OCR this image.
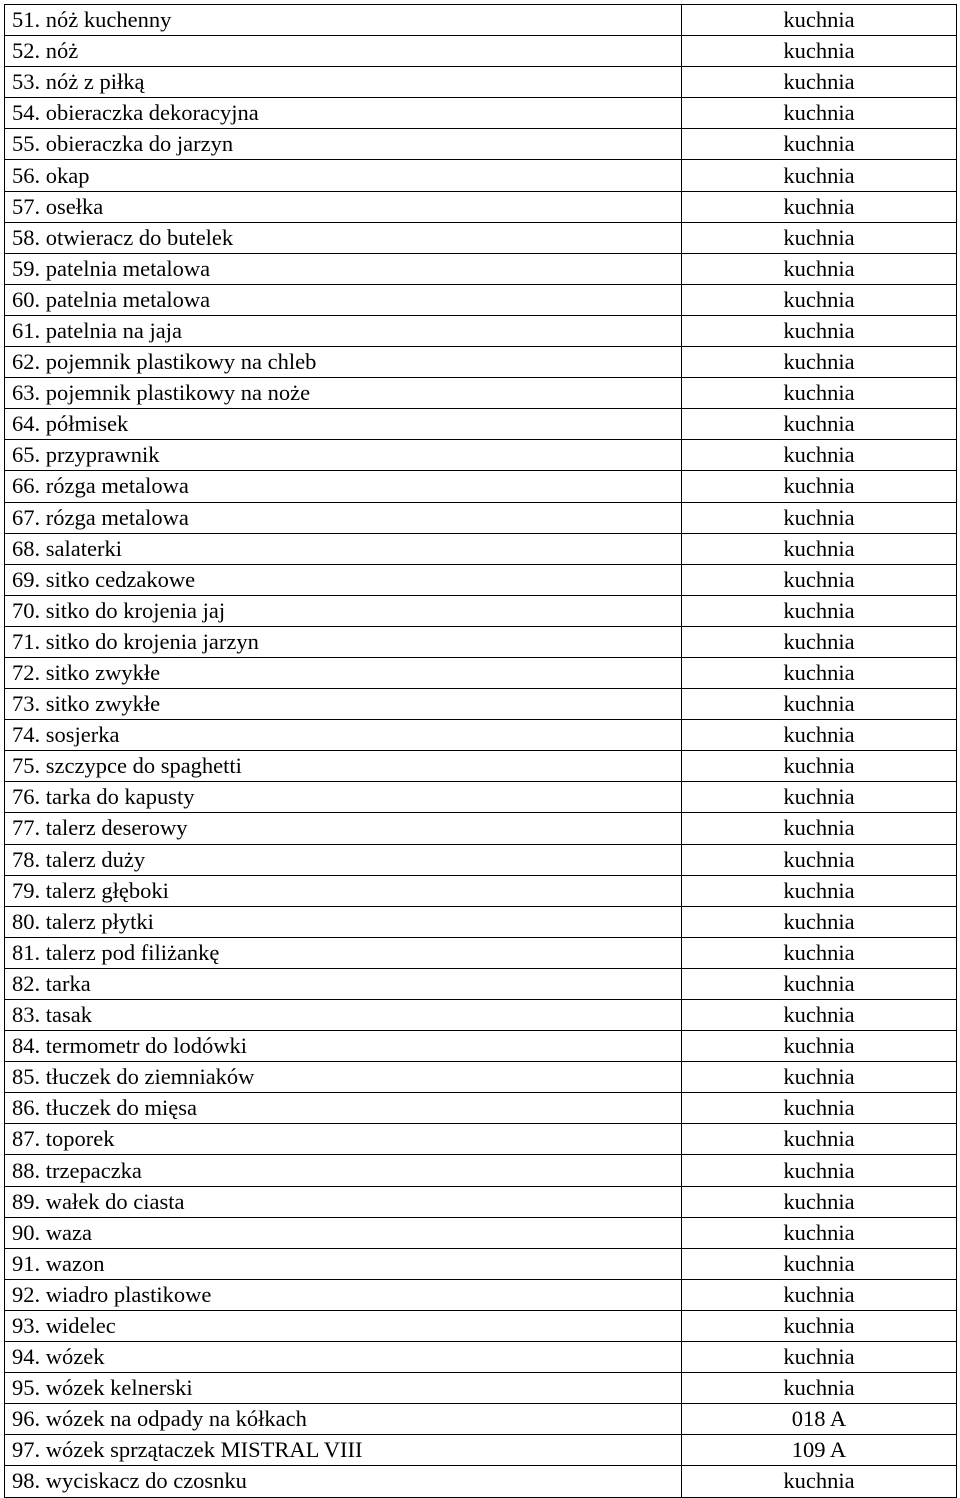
51. nóż kuchenny	kuchnia
52. nóż	kuchnia
53. nóż z piłką	kuchnia
54. obieraczka dekoracyjna	kuchnia
55. obieraczka do jarzyn	kuchnia
56. okap	kuchnia
57. osełka	kuchnia
58. otwieracz do butelek	kuchnia
59. patelnia metalowa	kuchnia
60. patelnia metalowa	kuchnia
61. patelnia na jaja	kuchnia
62. pojemnik plastikowy na chleb	kuchnia
63. pojemnik plastikowy na noże	kuchnia
64. półmisek	kuchnia
65. przyprawnik	kuchnia
66. rózga metalowa	kuchnia
67. rózga metalowa	kuchnia
68. salaterki	kuchnia
69. sitko cedzakowe	kuchnia
70. sitko do krojenia jaj	kuchnia
71. sitko do krojenia jarzyn	kuchnia
72. sitko zwykłe	kuchnia
73. sitko zwykłe	kuchnia
74. sosjerka	kuchnia
75. szczypce do spaghetti	kuchnia
76. tarka do kapusty	kuchnia
77. talerz deserowy	kuchnia
78. talerz duży	kuchnia
79. talerz głęboki	kuchnia
80. talerz płytki	kuchnia
81. talerz pod filiżankę	kuchnia
82. tarka	kuchnia
83. tasak	kuchnia
84. termometr do lodówki	kuchnia
85. tłuczek do ziemniaków	kuchnia
86. tłuczek do mięsa	kuchnia
87. toporek	kuchnia
88. trzepaczka	kuchnia
89. wałek do ciasta	kuchnia
90. waza	kuchnia
91. wazon	kuchnia
92. wiadro plastikowe	kuchnia
93. widelec	kuchnia
94. wózek	kuchnia
95. wózek kelnerski	kuchnia
96. wózek na odpady na kółkach	018 A
97. wózek sprzątaczek MISTRAL VIII	109 A
98. wyciskacz do czosnku	kuchnia
